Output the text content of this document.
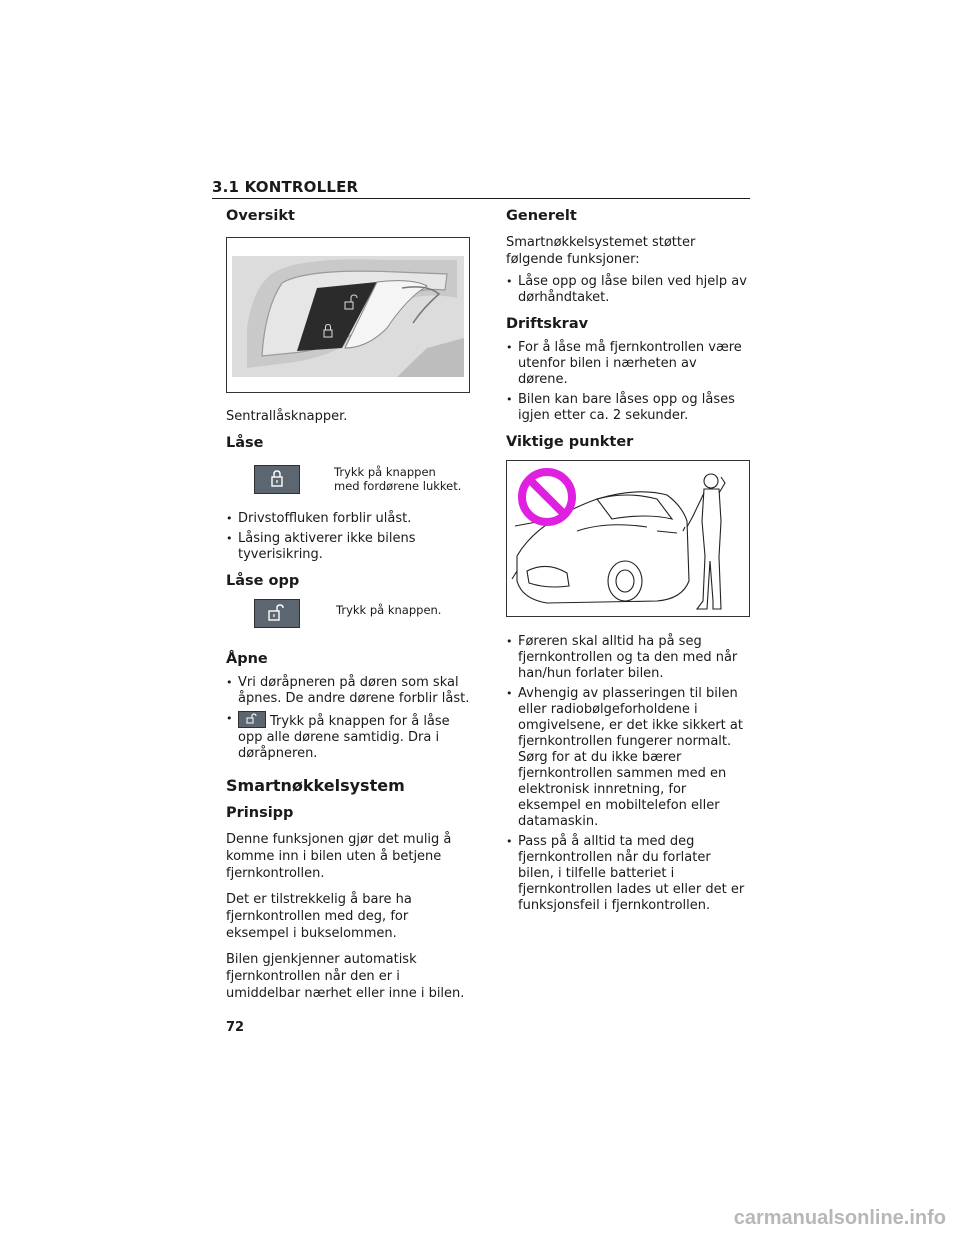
3.1 KONTROLLER
Oversikt

Sentrallåsknapper.

Låse
Trykk på knappen med fordørene lukket.
• Drivstoffluken forblir ulåst.
• Låsing aktiverer ikke bilens tyverisikring.
Låse opp
Trykk på knappen.
Åpne
• Vri døråpneren på døren som skal åpnes. De andre dørene forblir låst.
• Trykk på knappen for å låse opp alle dørene samtidig. Dra i døråpneren.
Smartnøkkelsystem
Prinsipp

Denne funksjonen gjør det mulig å komme inn i bilen uten å betjene fjernkontrollen.

Det er tilstrekkelig å bare ha fjernkontrollen med deg, for eksempel i bukselommen.

Bilen gjenkjenner automatisk fjernkontrollen når den er i umiddelbar nærhet eller inne i bilen.

Generelt

Smartnøkkelsystemet støtter følgende funksjoner:

• Låse opp og låse bilen ved hjelp av dørhåndtaket.
Driftskrav
• For å låse må fjernkontrollen være utenfor bilen i nærheten av dørene.
• Bilen kan bare låses opp og låses igjen etter ca. 2 sekunder.
Viktige punkter
• Føreren skal alltid ha på seg fjernkontrollen og ta den med når han/hun forlater bilen.
• Avhengig av plasseringen til bilen eller radiobølgeforholdene i omgivelsene, er det ikke sikkert at fjernkontrollen fungerer normalt. Sørg for at du ikke bærer fjernkontrollen sammen med en elektronisk innretning, for eksempel en mobiltelefon eller datamaskin.
• Pass på å alltid ta med deg fjernkontrollen når du forlater bilen, i tilfelle batteriet i fjernkontrollen lades ut eller det er funksjonsfeil i fjernkontrollen.
72
carmanualsonline.info
